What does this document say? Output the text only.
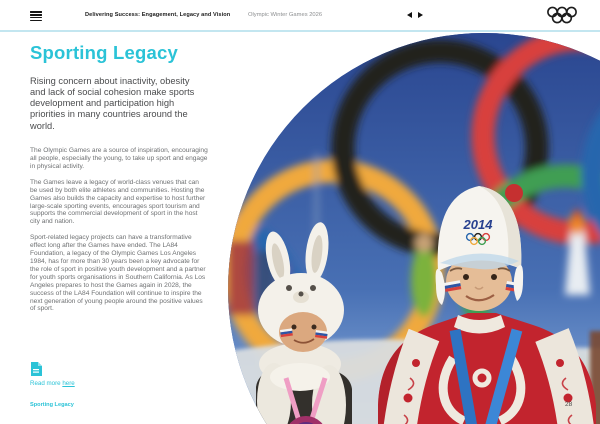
Delivering Success: Engagement, Legacy and Vision	Olympic Winter Games 2026
2014
Sporting Legacy

Rising concern about inactivity, obesity and lack of social cohesion make sports development and participation high priorities in many countries around the world.

The Olympic Games are a source of inspiration, encouraging all people, especially the young, to take up sport and engage in physical activity.

The Games leave a legacy of world-class venues that can be used by both elite athletes and communities. Hosting the Games also builds the capacity and expertise to host further large-scale sporting events, encourages sport tourism and supports the commercial development of sport in the host city and nation.

Sport-related legacy projects can have a transformative effect long after the Games have ended. The LA84 Foundation, a legacy of the Olympic Games Los Angeles 1984, has for more than 30 years been a key advocate for the role of sport in positive youth development and a partner for youth sports organisations in Southern California. As Los Angeles prepares to host the Games again in 2028, the success of the LA84 Foundation will continue to inspire the next generation of young people around the positive values of sport.

Read more here
Sporting Legacy	28
